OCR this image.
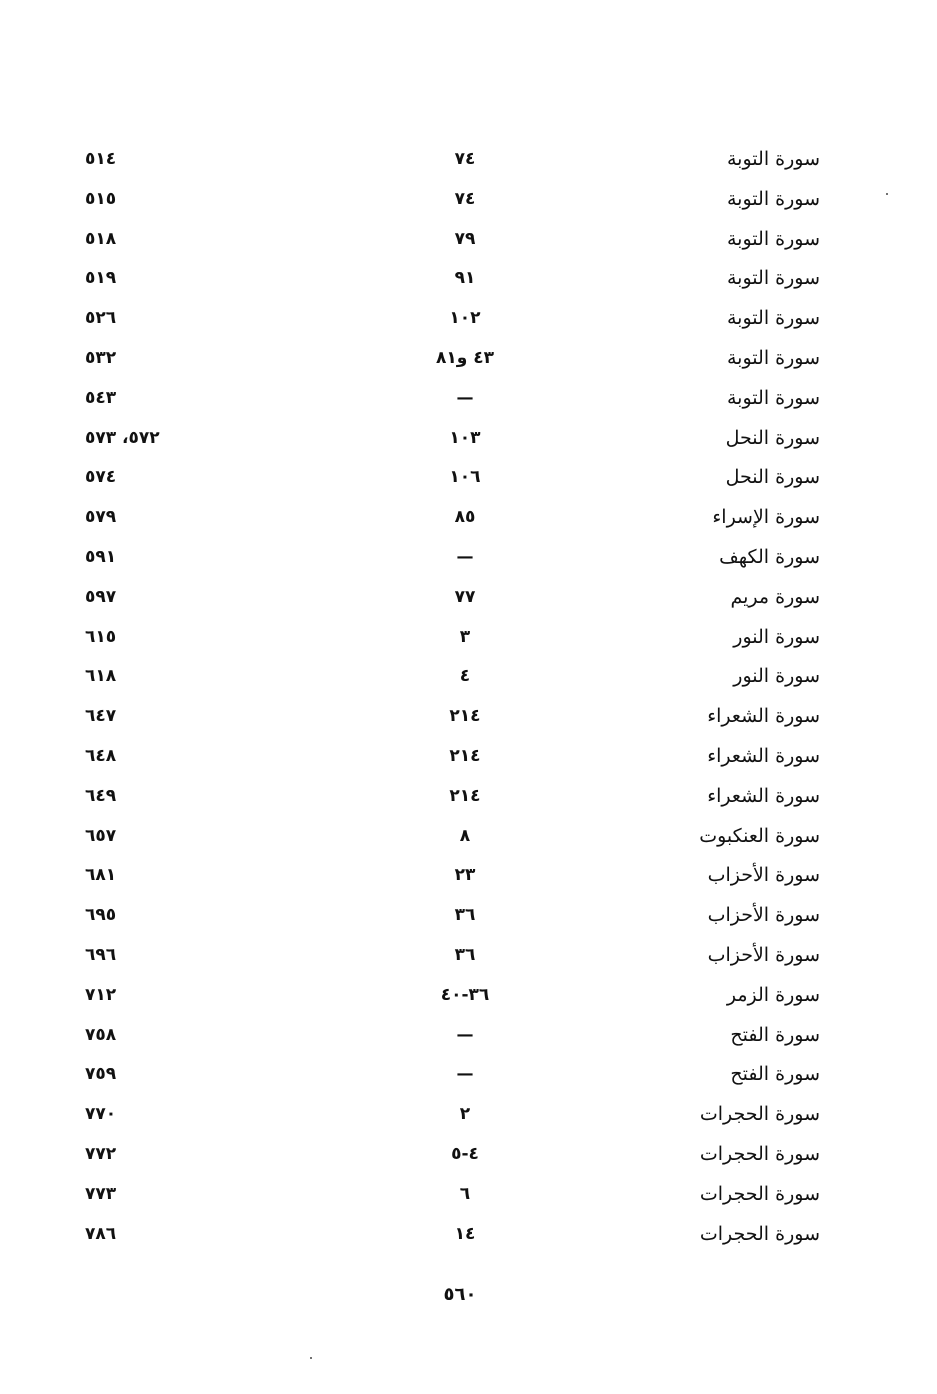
سورة التوبة
٧٤
٥١٤
سورة التوبة
٧٤
٥١٥
سورة التوبة
٧٩
٥١٨
سورة التوبة
٩١
٥١٩
سورة التوبة
١٠٢
٥٢٦
سورة التوبة
٤٣ و٨١
٥٣٢
سورة التوبة
—
٥٤٣
سورة النحل
١٠٣
٥٧٢، ٥٧٣
سورة النحل
١٠٦
٥٧٤
سورة الإسراء
٨٥
٥٧٩
سورة الكهف
—
٥٩١
سورة مريم
٧٧
٥٩٧
سورة النور
٣
٦١٥
سورة النور
٤
٦١٨
سورة الشعراء
٢١٤
٦٤٧
سورة الشعراء
٢١٤
٦٤٨
سورة الشعراء
٢١٤
٦٤٩
سورة العنكبوت
٨
٦٥٧
سورة الأحزاب
٢٣
٦٨١
سورة الأحزاب
٣٦
٦٩٥
سورة الأحزاب
٣٦
٦٩٦
سورة الزمر
٣٦-٤٠
٧١٢
سورة الفتح
—
٧٥٨
سورة الفتح
—
٧٥٩
سورة الحجرات
٢
٧٧٠
سورة الحجرات
٤-٥
٧٧٢
سورة الحجرات
٦
٧٧٣
سورة الحجرات
١٤
٧٨٦
٥٦٠
